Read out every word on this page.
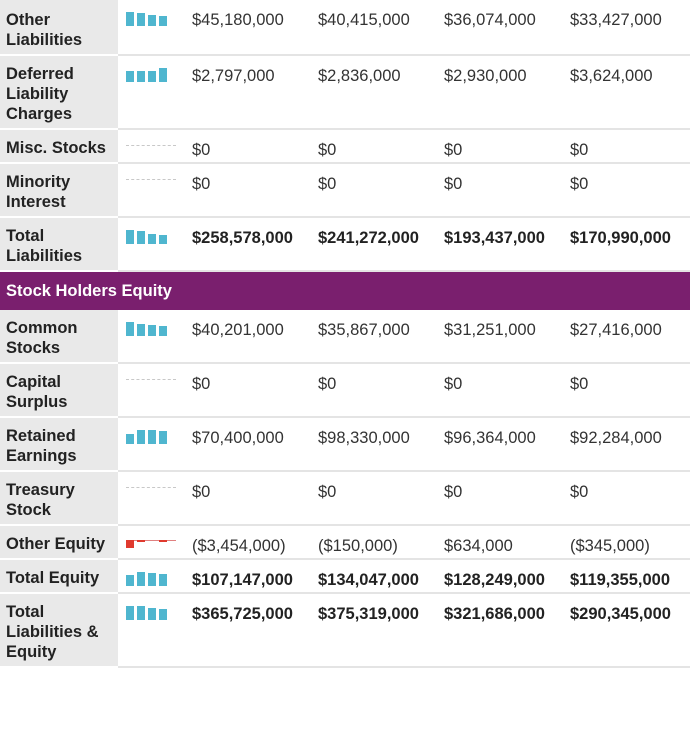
Other Liabilities		$45,180,000	$40,415,000	$36,074,000	$33,427,000
Deferred Liability Charges		$2,797,000	$2,836,000	$2,930,000	$3,624,000
Misc. Stocks		$0	$0	$0	$0
Minority Interest		$0	$0	$0	$0
Total Liabilities		$258,578,000	$241,272,000	$193,437,000	$170,990,000
Stock Holders Equity					
Common Stocks		$40,201,000	$35,867,000	$31,251,000	$27,416,000
Capital Surplus		$0	$0	$0	$0
Retained Earnings		$70,400,000	$98,330,000	$96,364,000	$92,284,000
Treasury Stock		$0	$0	$0	$0
Other Equity		($3,454,000)	($150,000)	$634,000	($345,000)
Total Equity		$107,147,000	$134,047,000	$128,249,000	$119,355,000
Total Liabilities & Equity		$365,725,000	$375,319,000	$321,686,000	$290,345,000
